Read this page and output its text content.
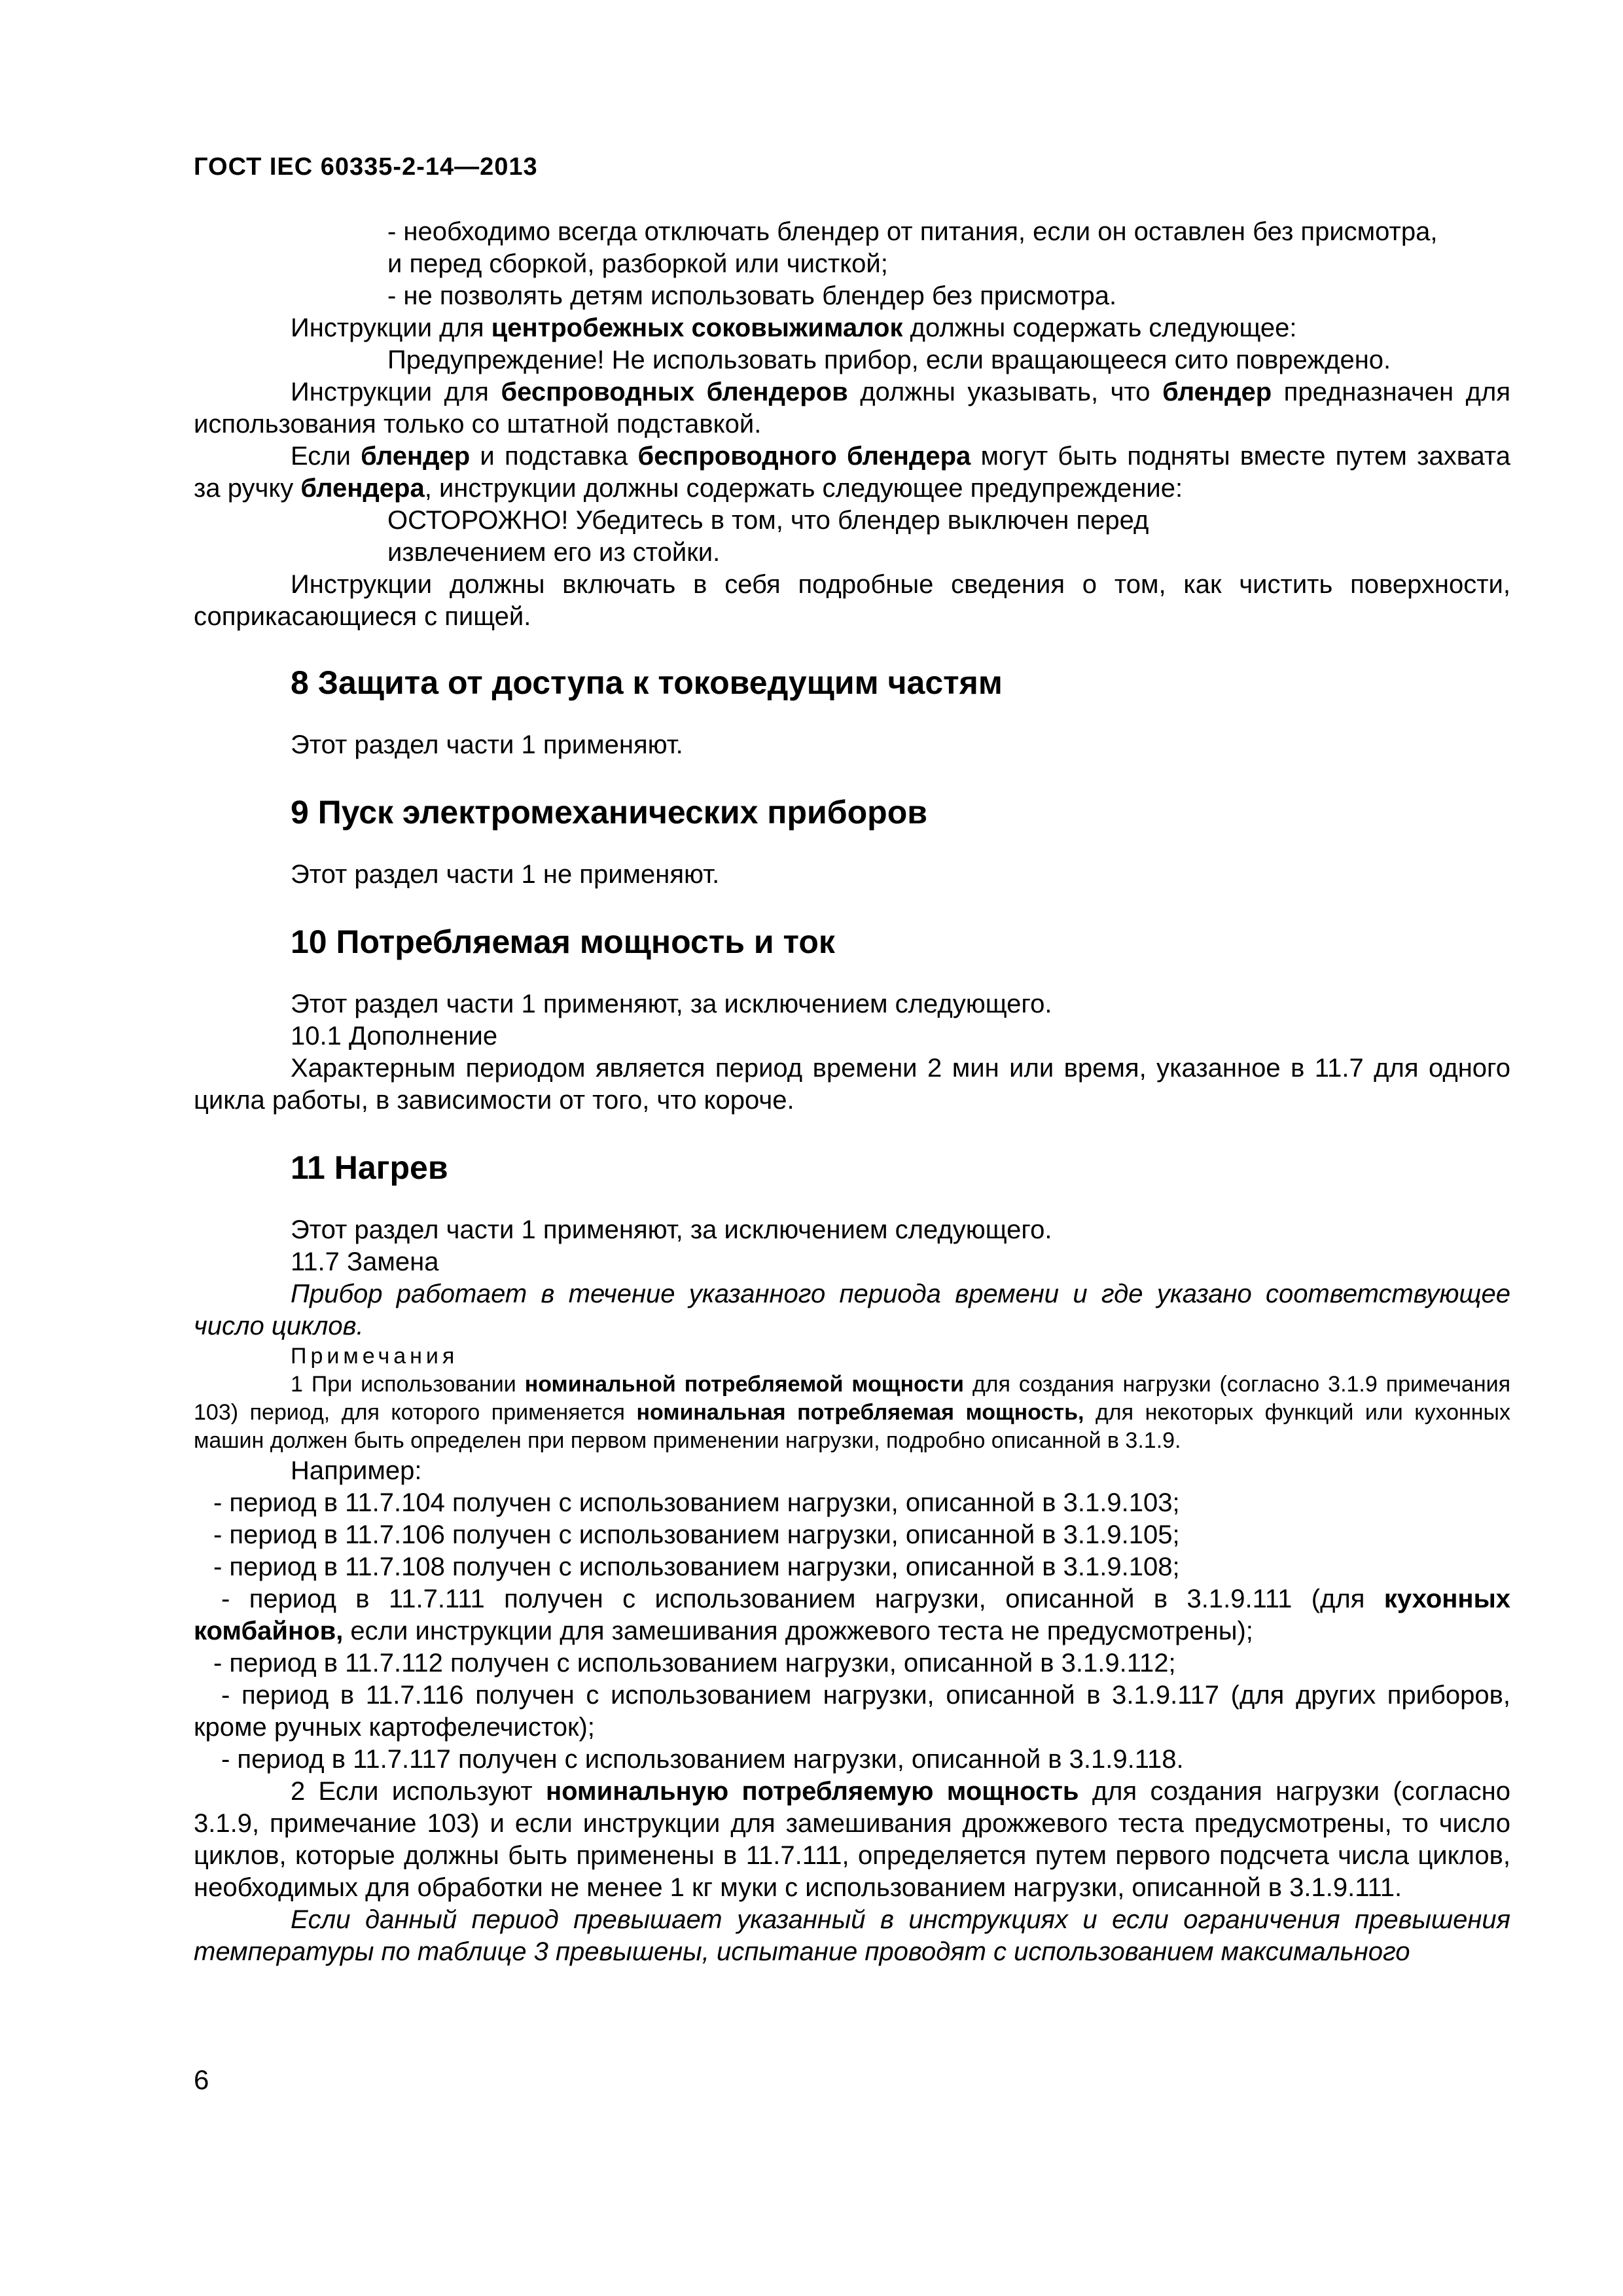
ГОСТ IEC 60335-2-14—2013

- необходимо всегда отключать блендер от питания, если он оставлен без присмотра,

и перед сборкой, разборкой или чисткой;

- не позволять детям использовать блендер без присмотра.

Инструкции для центробежных соковыжималок должны содержать следующее:

Предупреждение! Не использовать прибор, если вращающееся сито повреждено.

Инструкции для беспроводных блендеров должны указывать, что блендер предназначен для использования только со штатной подставкой.

Если блендер и подставка беспроводного блендера могут быть подняты вместе путем захвата за ручку блендера, инструкции должны содержать следующее предупреждение:

ОСТОРОЖНО! Убедитесь в том, что блендер выключен перед

извлечением его из стойки.

Инструкции должны включать в себя подробные сведения о том, как чистить поверхности, соприкасающиеся с пищей.

8 Защита от доступа к токоведущим частям

Этот раздел части 1 применяют.

9 Пуск электромеханических приборов

Этот раздел части 1 не применяют.

10 Потребляемая мощность и ток

Этот раздел части 1 применяют, за исключением следующего.

10.1 Дополнение

Характерным периодом является период времени 2 мин или время, указанное в 11.7 для одного цикла работы, в зависимости от того, что короче.

11 Нагрев

Этот раздел части 1 применяют, за исключением следующего.

11.7 Замена

Прибор работает в течение указанного периода времени и где указано соответствующее число циклов.

Примечания

1 При использовании номинальной потребляемой мощности для создания нагрузки (согласно 3.1.9 примечания 103) период, для которого применяется номинальная потребляемая мощность, для некоторых функций или кухонных машин должен быть определен при первом применении нагрузки, подробно описанной в 3.1.9.

Например:

- период в 11.7.104 получен с использованием нагрузки, описанной в 3.1.9.103;

- период в 11.7.106 получен с использованием нагрузки, описанной в 3.1.9.105;

- период в 11.7.108 получен с использованием нагрузки, описанной в 3.1.9.108;

- период в 11.7.111 получен с использованием нагрузки, описанной в 3.1.9.111 (для кухонных комбайнов, если инструкции для замешивания дрожжевого теста не предусмотрены);

- период в 11.7.112 получен с использованием нагрузки, описанной в 3.1.9.112;

- период в 11.7.116 получен с использованием нагрузки, описанной в 3.1.9.117 (для других приборов, кроме ручных картофелечисток);

- период в 11.7.117 получен с использованием нагрузки, описанной в 3.1.9.118.

2 Если используют номинальную потребляемую мощность для создания нагрузки (согласно 3.1.9, примечание 103) и если инструкции для замешивания дрожжевого теста предусмотрены, то число циклов, которые должны быть применены в 11.7.111, определяется путем первого подсчета числа циклов, необходимых для обработки не менее 1 кг муки с использованием нагрузки, описанной в 3.1.9.111.

Если данный период превышает указанный в инструкциях и если ограничения превышения температуры по таблице 3 превышены, испытание проводят с использованием максимального

6
